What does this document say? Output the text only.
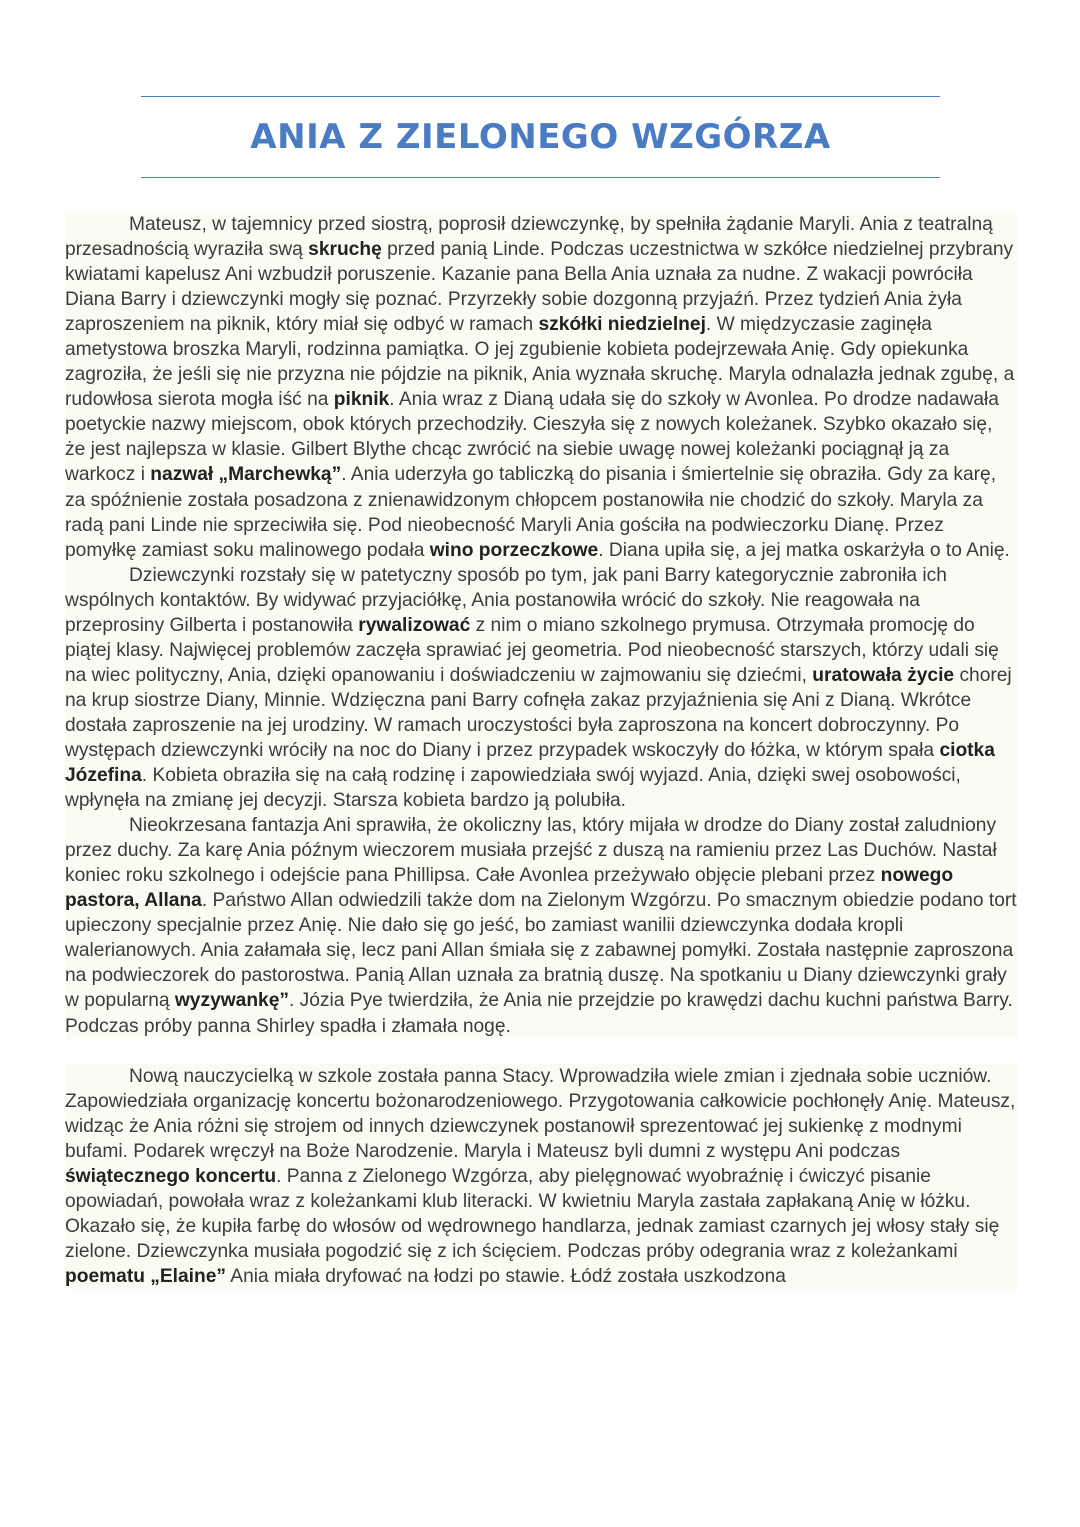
ANIA Z ZIELONEGO WZGÓRZA

Mateusz, w tajemnicy przed siostrą, poprosił dziewczynkę, by spełniła żądanie Maryli. Ania z teatralną przesadnością wyraziła swą skruchę przed panią Linde. Podczas uczestnictwa w szkółce niedzielnej przybrany kwiatami kapelusz Ani wzbudził poruszenie. Kazanie pana Bella Ania uznała za nudne. Z wakacji powróciła Diana Barry i dziewczynki mogły się poznać. Przyrzekły sobie dozgonną przyjaźń. Przez tydzień Ania żyła zaproszeniem na piknik, który miał się odbyć w ramach szkółki niedzielnej. W międzyczasie zaginęła ametystowa broszka Maryli, rodzinna pamiątka. O jej zgubienie kobieta podejrzewała Anię. Gdy opiekunka zagroziła, że jeśli się nie przyzna nie pójdzie na piknik, Ania wyznała skruchę. Maryla odnalazła jednak zgubę, a rudowłosa sierota mogła iść na piknik. Ania wraz z Dianą udała się do szkoły w Avonlea. Po drodze nadawała poetyckie nazwy miejscom, obok których przechodziły. Cieszyła się z nowych koleżanek. Szybko okazało się, że jest najlepsza w klasie. Gilbert Blythe chcąc zwrócić na siebie uwagę nowej koleżanki pociągnął ją za warkocz i nazwał „Marchewką”. Ania uderzyła go tabliczką do pisania i śmiertelnie się obraziła. Gdy za karę, za spóźnienie została posadzona z znienawidzonym chłopcem postanowiła nie chodzić do szkoły. Maryla za radą pani Linde nie sprzeciwiła się. Pod nieobecność Maryli Ania gościła na podwieczorku Dianę. Przez pomyłkę zamiast soku malinowego podała wino porzeczkowe. Diana upiła się, a jej matka oskarżyła o to Anię.

Dziewczynki rozstały się w patetyczny sposób po tym, jak pani Barry kategorycznie zabroniła ich wspólnych kontaktów. By widywać przyjaciółkę, Ania postanowiła wrócić do szkoły. Nie reagowała na przeprosiny Gilberta i postanowiła rywalizować z nim o miano szkolnego prymusa. Otrzymała promocję do piątej klasy. Najwięcej problemów zaczęła sprawiać jej geometria. Pod nieobecność starszych, którzy udali się na wiec polityczny, Ania, dzięki opanowaniu i doświadczeniu w zajmowaniu się dziećmi, uratowała życie chorej na krup siostrze Diany, Minnie. Wdzięczna pani Barry cofnęła zakaz przyjaźnienia się Ani z Dianą. Wkrótce dostała zaproszenie na jej urodziny. W ramach uroczystości była zaproszona na koncert dobroczynny. Po występach dziewczynki wróciły na noc do Diany i przez przypadek wskoczyły do łóżka, w którym spała ciotka Józefina. Kobieta obraziła się na całą rodzinę i zapowiedziała swój wyjazd. Ania, dzięki swej osobowości, wpłynęła na zmianę jej decyzji. Starsza kobieta bardzo ją polubiła.

Nieokrzesana fantazja Ani sprawiła, że okoliczny las, który mijała w drodze do Diany został zaludniony przez duchy. Za karę Ania późnym wieczorem musiała przejść z duszą na ramieniu przez Las Duchów. Nastał koniec roku szkolnego i odejście pana Phillipsa. Całe Avonlea przeżywało objęcie plebani przez nowego pastora, Allana. Państwo Allan odwiedzili także dom na Zielonym Wzgórzu. Po smacznym obiedzie podano tort upieczony specjalnie przez Anię. Nie dało się go jeść, bo zamiast wanilii dziewczynka dodała kropli walerianowych. Ania załamała się, lecz pani Allan śmiała się z zabawnej pomyłki. Została następnie zaproszona na podwieczorek do pastorostwa. Panią Allan uznała za bratnią duszę. Na spotkaniu u Diany dziewczynki grały w popularną wyzywankę”. Józia Pye twierdziła, że Ania nie przejdzie po krawędzi dachu kuchni państwa Barry. Podczas próby panna Shirley spadła i złamała nogę.

Nową nauczycielką w szkole została panna Stacy. Wprowadziła wiele zmian i zjednała sobie uczniów. Zapowiedziała organizację koncertu bożonarodzeniowego. Przygotowania całkowicie pochłonęły Anię. Mateusz, widząc że Ania różni się strojem od innych dziewczynek postanowił sprezentować jej sukienkę z modnymi bufami. Podarek wręczył na Boże Narodzenie. Maryla i Mateusz byli dumni z występu Ani podczas świątecznego koncertu. Panna z Zielonego Wzgórza, aby pielęgnować wyobraźnię i ćwiczyć pisanie opowiadań, powołała wraz z koleżankami klub literacki. W kwietniu Maryla zastała zapłakaną Anię w łóżku. Okazało się, że kupiła farbę do włosów od wędrownego handlarza, jednak zamiast czarnych jej włosy stały się zielone. Dziewczynka musiała pogodzić się z ich ścięciem. Podczas próby odegrania wraz z koleżankami poematu „Elaine” Ania miała dryfować na łodzi po stawie. Łódź została uszkodzona
